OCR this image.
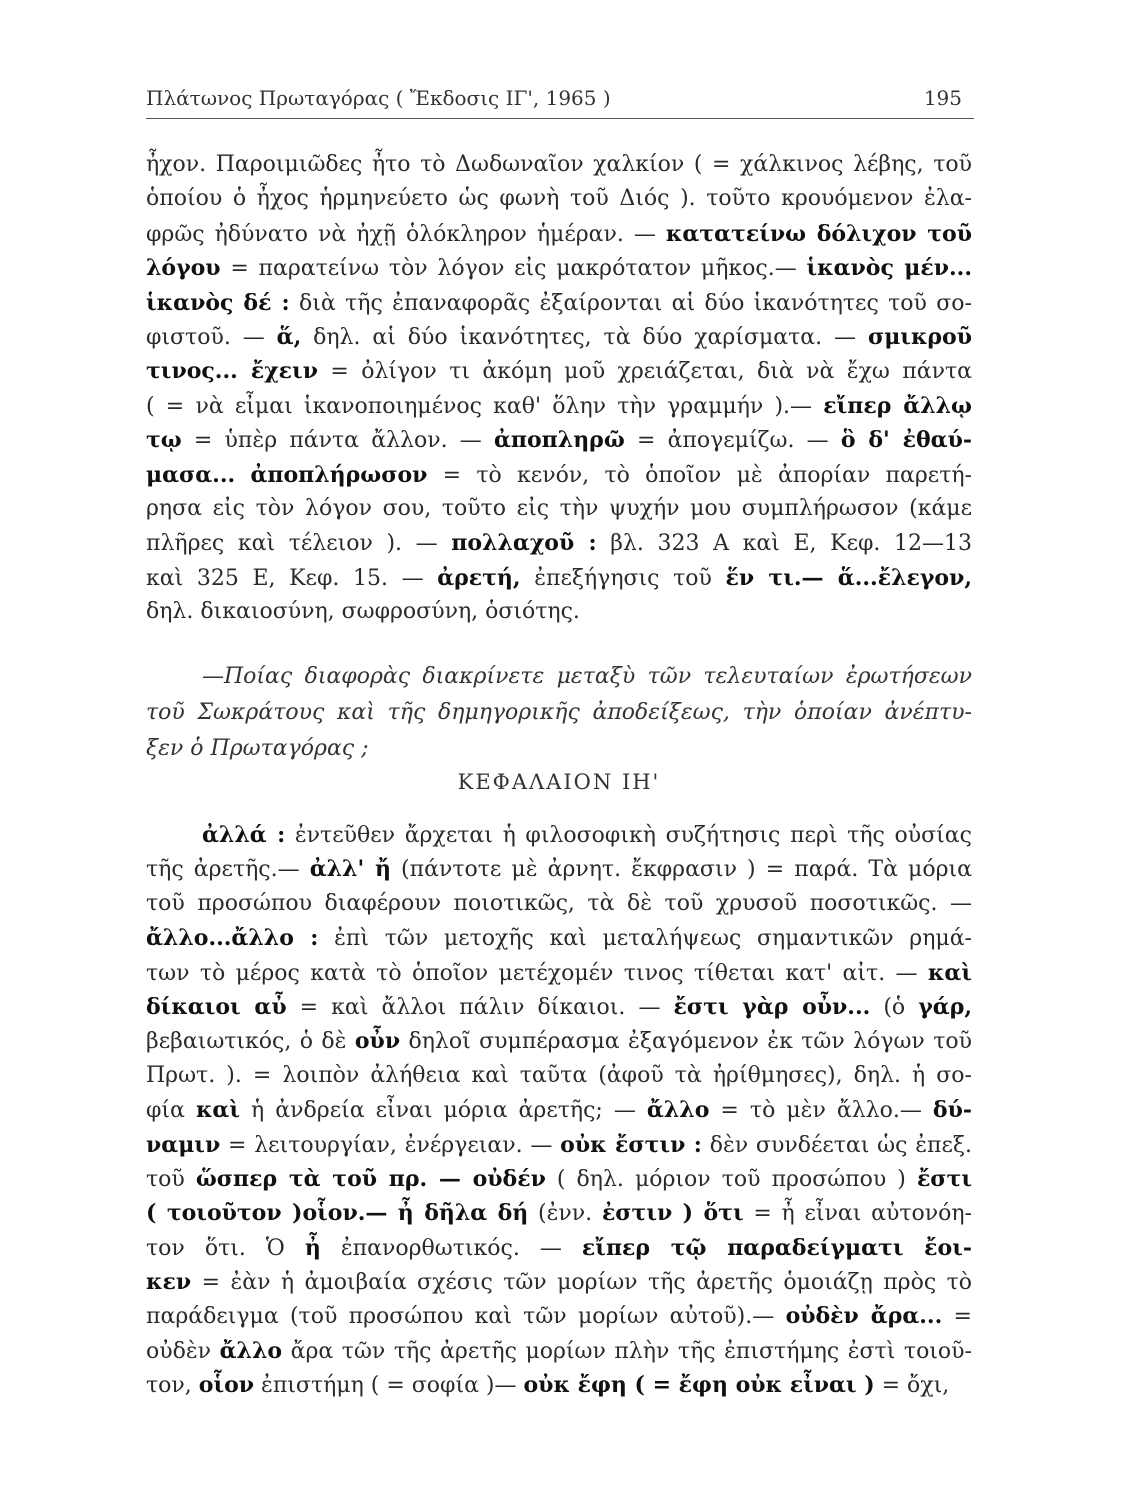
Πλάτωνος Πρωταγόρας ( Ἔκδοσις ΙΓ', 1965 )	195
ἦχον. Παροιμιῶδες ἦτο τὸ Δωδωναῖον χαλκίον ( = χάλκινος λέβης, τοῦ
ὁποίου ὁ ἦχος ἡρμηνεύετο ὡς φωνὴ τοῦ Διός ). τοῦτο κρουόμενον ἐλα-
φρῶς ἠδύνατο νὰ ἠχῇ ὁλόκληρον ἡμέραν. — κατατείνω δόλιχον τοῦ
λόγου = παρατείνω τὸν λόγον εἰς μακρότατον μῆκος.— ἱκανὸς μέν...
ἱκανὸς δέ : διὰ τῆς ἐπαναφορᾶς ἐξαίρονται αἱ δύο ἱκανότητες τοῦ σο-
φιστοῦ. — ἅ, δηλ. αἱ δύο ἱκανότητες, τὰ δύο χαρίσματα. — σμικροῦ
τινος... ἔχειν = ὀλίγον τι ἀκόμη μοῦ χρειάζεται, διὰ νὰ ἔχω πάντα
( = νὰ εἶμαι ἱκανοποιημένος καθ' ὅλην τὴν γραμμήν ).— εἴπερ ἄλλῳ
τῳ = ὑπὲρ πάντα ἄλλον. — ἀποπληρῶ = ἀπογεμίζω. — ὃ δ' ἐθαύ-
μασα... ἀποπλήρωσον = τὸ κενόν, τὸ ὁποῖον μὲ ἀπορίαν παρετή-
ρησα εἰς τὸν λόγον σου, τοῦτο εἰς τὴν ψυχήν μου συμπλήρωσον (κάμε
πλῆρες καὶ τέλειον ). — πολλαχοῦ : βλ. 323 Α καὶ Ε, Κεφ. 12—13
καὶ 325 Ε, Κεφ. 15. — ἀρετή, ἐπεξήγησις τοῦ ἕν τι.— ἅ...ἔλεγον,
δηλ. δικαιοσύνη, σωφροσύνη, ὁσιότης.
—Ποίας διαφορὰς διακρίνετε μεταξὺ τῶν τελευταίων ἐρωτήσεων
τοῦ Σωκράτους καὶ τῆς δημηγορικῆς ἀποδείξεως, τὴν ὁποίαν ἀνέπτυ-
ξεν ὁ Πρωταγόρας ;
ΚΕΦΑΛΑΙΟΝ ΙΗ'
ἀλλά : ἐντεῦθεν ἄρχεται ἡ φιλοσοφικὴ συζήτησις περὶ τῆς οὐσίας
τῆς ἀρετῆς.— ἀλλ' ἤ (πάντοτε μὲ ἀρνητ. ἔκφρασιν ) = παρά. Τὰ μόρια
τοῦ προσώπου διαφέρουν ποιοτικῶς, τὰ δὲ τοῦ χρυσοῦ ποσοτικῶς. —
ἄλλο...ἄλλο : ἐπὶ τῶν μετοχῆς καὶ μεταλήψεως σημαντικῶν ρημά-
των τὸ μέρος κατὰ τὸ ὁποῖον μετέχομέν τινος τίθεται κατ' αἰτ. — καὶ
δίκαιοι αὖ = καὶ ἄλλοι πάλιν δίκαιοι. — ἔστι γὰρ οὖν... (ὁ γάρ,
βεβαιωτικός, ὁ δὲ οὖν δηλοῖ συμπέρασμα ἐξαγόμενον ἐκ τῶν λόγων τοῦ
Πρωτ. ). = λοιπὸν ἀλήθεια καὶ ταῦτα (ἀφοῦ τὰ ἠρίθμησες), δηλ. ἡ σο-
φία καὶ ἡ ἀνδρεία εἶναι μόρια ἀρετῆς; — ἄλλο = τὸ μὲν ἄλλο.— δύ-
ναμιν = λειτουργίαν, ἐνέργειαν. — οὐκ ἔστιν : δὲν συνδέεται ὡς ἐπεξ.
τοῦ ὥσπερ τὰ τοῦ πρ. — οὐδέν ( δηλ. μόριον τοῦ προσώπου ) ἔστι
( τοιοῦτον )οἷον.— ἦ δῆλα δή (ἐνν. ἐστιν ) ὅτι = ἦ εἶναι αὐτονόη-
τον ὅτι. Ὁ ἦ ἐπανορθωτικός. — εἴπερ τῷ παραδείγματι ἔοι-
κεν = ἐὰν ἡ ἀμοιβαία σχέσις τῶν μορίων τῆς ἀρετῆς ὁμοιάζῃ πρὸς τὸ
παράδειγμα (τοῦ προσώπου καὶ τῶν μορίων αὐτοῦ).— οὐδὲν ἄρα... =
οὐδὲν ἄλλο ἄρα τῶν τῆς ἀρετῆς μορίων πλὴν τῆς ἐπιστήμης ἐστὶ τοιοῦ-
τον, οἷον ἐπιστήμη ( = σοφία )— οὐκ ἔφη ( = ἔφη οὐκ εἶναι ) = ὄχι,
